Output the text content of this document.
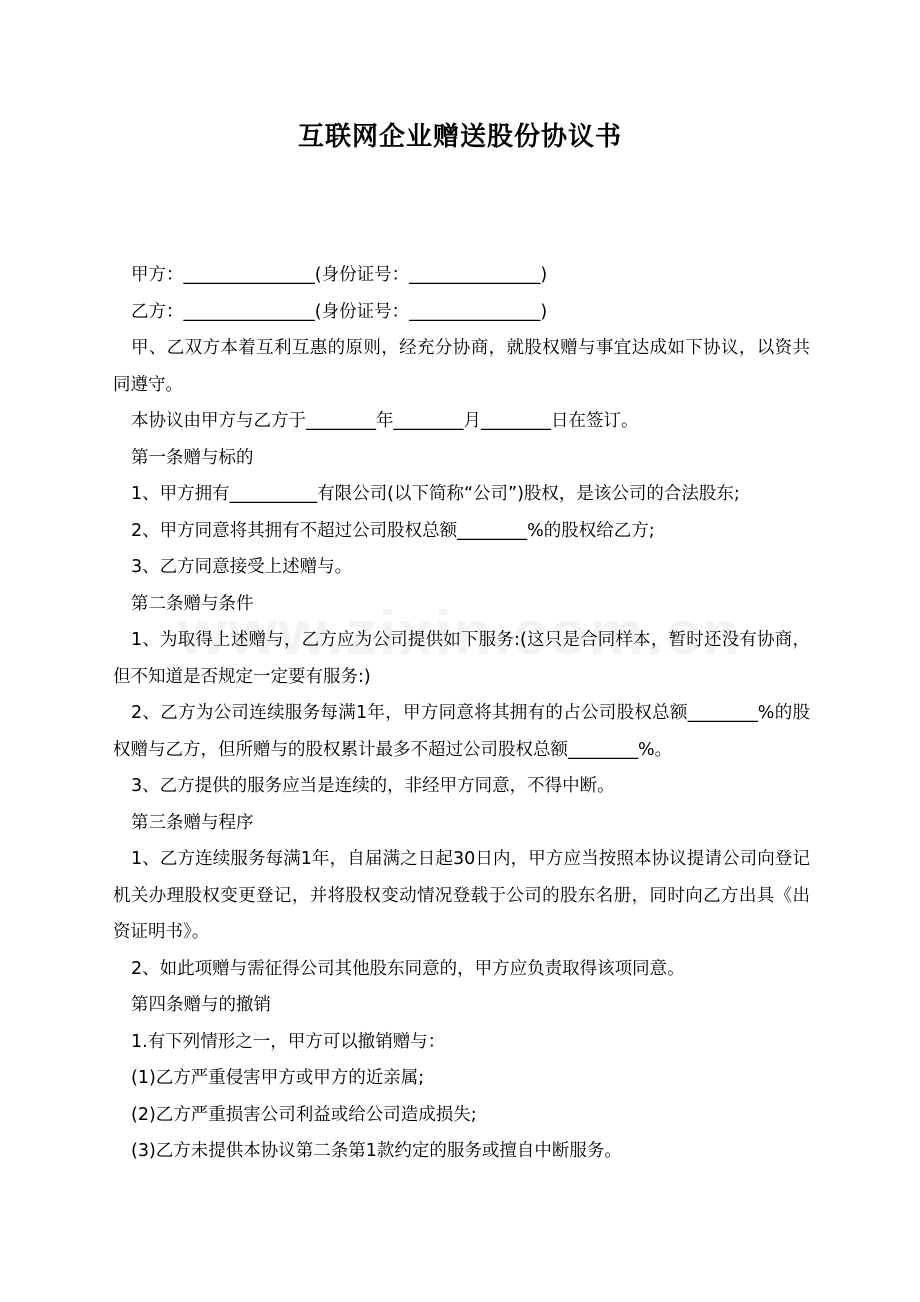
互联网企业赠送股份协议书

甲方：_______________(身份证号：_______________)

乙方：_______________(身份证号：_______________)

甲、乙双方本着互利互惠的原则，经充分协商，就股权赠与事宜达成如下协议，以资共同遵守。

本协议由甲方与乙方于________年________月________日在签订。

第一条赠与标的

1、甲方拥有__________有限公司(以下简称“公司”)股权，是该公司的合法股东;

2、甲方同意将其拥有不超过公司股权总额________%的股权给乙方;

3、乙方同意接受上述赠与。

第二条赠与条件

1、为取得上述赠与，乙方应为公司提供如下服务:(这只是合同样本，暂时还没有协商，但不知道是否规定一定要有服务:)

2、乙方为公司连续服务每满1年，甲方同意将其拥有的占公司股权总额________%的股权赠与乙方，但所赠与的股权累计最多不超过公司股权总额________%。

3、乙方提供的服务应当是连续的，非经甲方同意，不得中断。

第三条赠与程序

1、乙方连续服务每满1年，自届满之日起30日内，甲方应当按照本协议提请公司向登记机关办理股权变更登记，并将股权变动情况登载于公司的股东名册，同时向乙方出具《出资证明书》。

2、如此项赠与需征得公司其他股东同意的，甲方应负责取得该项同意。

第四条赠与的撤销

1.有下列情形之一，甲方可以撤销赠与：

(1)乙方严重侵害甲方或甲方的近亲属;

(2)乙方严重损害公司利益或给公司造成损失;

(3)乙方未提供本协议第二条第1款约定的服务或擅自中断服务。
